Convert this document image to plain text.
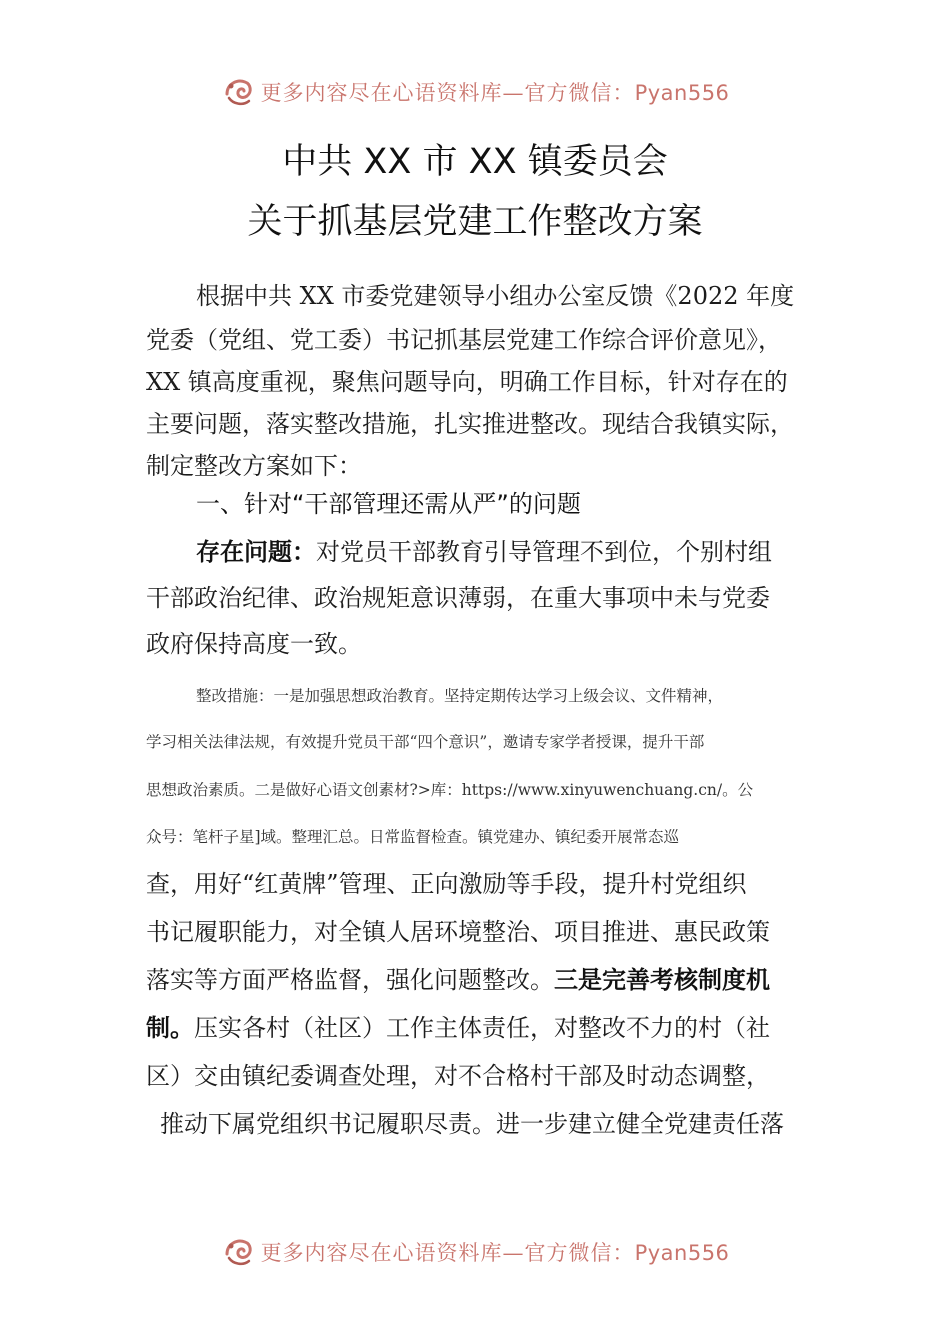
更多内容尽在心语资料库—官方微信：Pyan556
中共 XX 市 XX 镇委员会
关于抓基层党建工作整改方案
根据中共 XX 市委党建领导小组办公室反馈《2022 年度
党委（党组、党工委）书记抓基层党建工作综合评价意见》，
XX 镇高度重视，聚焦问题导向，明确工作目标，针对存在的
主要问题，落实整改措施，扎实推进整改。现结合我镇实际，
制定整改方案如下：
一、针对“干部管理还需从严”的问题
存在问题：对党员干部教育引导管理不到位，个别村组
干部政治纪律、政治规矩意识薄弱，在重大事项中未与党委
政府保持高度一致。
整改措施：一是加强思想政治教育。坚持定期传达学习上级会议、文件精神，
学习相关法律法规，有效提升党员干部“四个意识”，邀请专家学者授课，提升干部
思想政治素质。二是做好心语文创素材?>库：https://www.xinyuwenchuang.cn/。公
众号：笔杆子星]域。整理汇总。日常监督检查。镇党建办、镇纪委开展常态巡
查，用好“红黄牌”管理、正向激励等手段，提升村党组织
书记履职能力，对全镇人居环境整治、项目推进、惠民政策
落实等方面严格监督，强化问题整改。三是完善考核制度机
制。压实各村（社区）工作主体责任，对整改不力的村（社
区）交由镇纪委调查处理，对不合格村干部及时动态调整，
推动下属党组织书记履职尽责。进一步建立健全党建责任落
更多内容尽在心语资料库—官方微信：Pyan556
